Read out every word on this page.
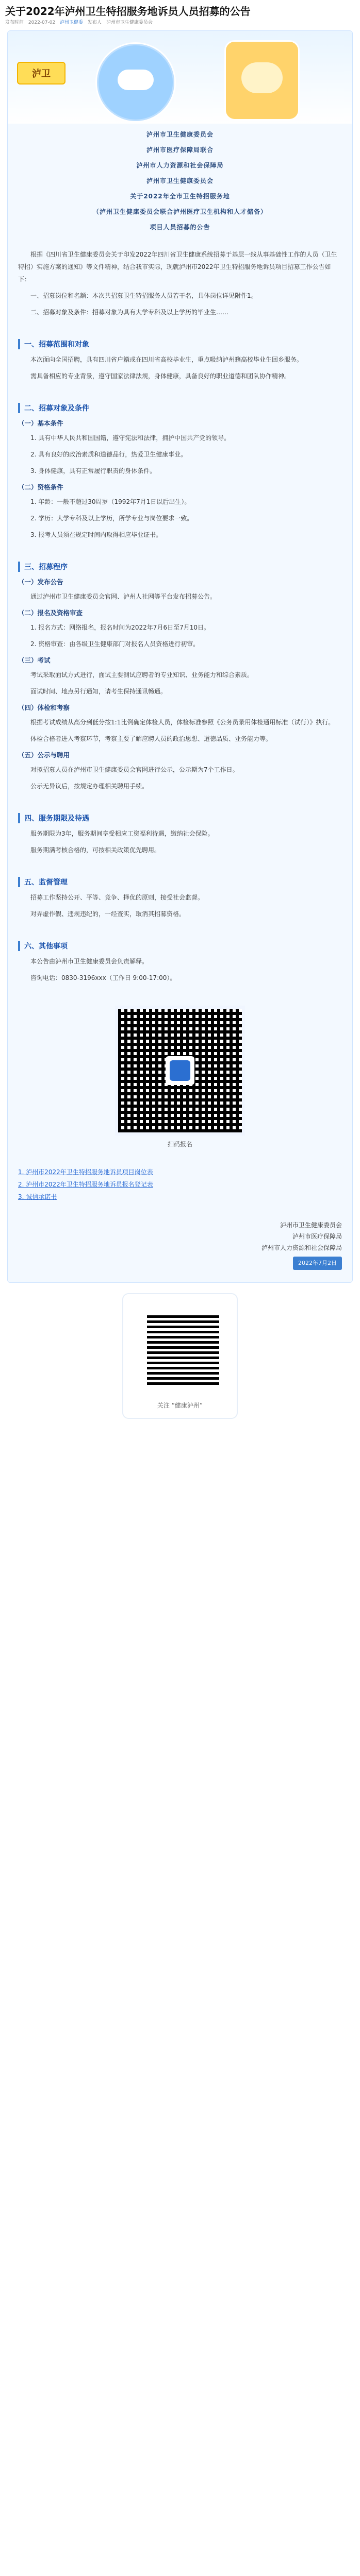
关于2022年泸州卫生特招服务地诉员人员招募的公告
发布时间 2022-07-02 泸州卫健委 发布人 泸州市卫生健康委员会
泸卫
泸州市卫生健康委员会
泸州市医疗保障局联合
泸州市人力资源和社会保障局
泸州市卫生健康委员会
关于2022年全市卫生特招服务地
（泸州卫生健康委员会联合泸州医疗卫生机构和人才储备）
项目人员招募的公告

根据《四川省卫生健康委员会关于印发2022年四川省卫生健康系统招募于基层一线从事基础性工作的人员（卫生特招）实施方案的通知》等文件精神，结合我市实际，现就泸州市2022年卫生特招服务地诉员项目招募工作公告如下：

一、招募岗位和名额：本次共招募卫生特招服务人员若干名，具体岗位详见附件1。

二、招募对象及条件：招募对象为具有大学专科及以上学历的毕业生……

一、招募范围和对象

本次面向全国招聘，具有四川省户籍或在四川省高校毕业生，重点吸纳泸州籍高校毕业生回乡服务。

需具备相应的专业背景，遵守国家法律法规，身体健康，具备良好的职业道德和团队协作精神。

二、招募对象及条件
（一）基本条件

1. 具有中华人民共和国国籍，遵守宪法和法律，拥护中国共产党的领导。

2. 具有良好的政治素质和道德品行，热爱卫生健康事业。

3. 身体健康，具有正常履行职责的身体条件。

（二）资格条件

1. 年龄：一般不超过30周岁（1992年7月1日以后出生）。

2. 学历：大学专科及以上学历，所学专业与岗位要求一致。

3. 报考人员须在规定时间内取得相应毕业证书。

三、招募程序
（一）发布公告

通过泸州市卫生健康委员会官网、泸州人社网等平台发布招募公告。

（二）报名及资格审查

1. 报名方式：网络报名，报名时间为2022年7月6日至7月10日。

2. 资格审查：由各级卫生健康部门对报名人员资格进行初审。

（三）考试

考试采取面试方式进行，面试主要测试应聘者的专业知识、业务能力和综合素质。

面试时间、地点另行通知，请考生保持通讯畅通。

（四）体检和考察

根据考试成绩从高分到低分按1:1比例确定体检人员，体检标准参照《公务员录用体检通用标准（试行）》执行。

体检合格者进入考察环节，考察主要了解应聘人员的政治思想、道德品质、业务能力等。

（五）公示与聘用

对拟招募人员在泸州市卫生健康委员会官网进行公示，公示期为7个工作日。

公示无异议后，按规定办理相关聘用手续。

四、服务期限及待遇

服务期限为3年，服务期间享受相应工资福利待遇，缴纳社会保险。

服务期满考核合格的，可按相关政策优先聘用。

五、监督管理

招募工作坚持公开、平等、竞争、择优的原则，接受社会监督。

对弄虚作假、违规违纪的，一经查实，取消其招募资格。

六、其他事项

本公告由泸州市卫生健康委员会负责解释。

咨询电话：0830-3196xxx（工作日 9:00-17:00）。

扫码报名
1. 泸州市2022年卫生特招服务地诉员项目岗位表
2. 泸州市2022年卫生特招服务地诉员报名登记表
3. 诚信承诺书
泸州市卫生健康委员会
泸州市医疗保障局
泸州市人力资源和社会保障局
2022年7月2日
关注 “健康泸州”
